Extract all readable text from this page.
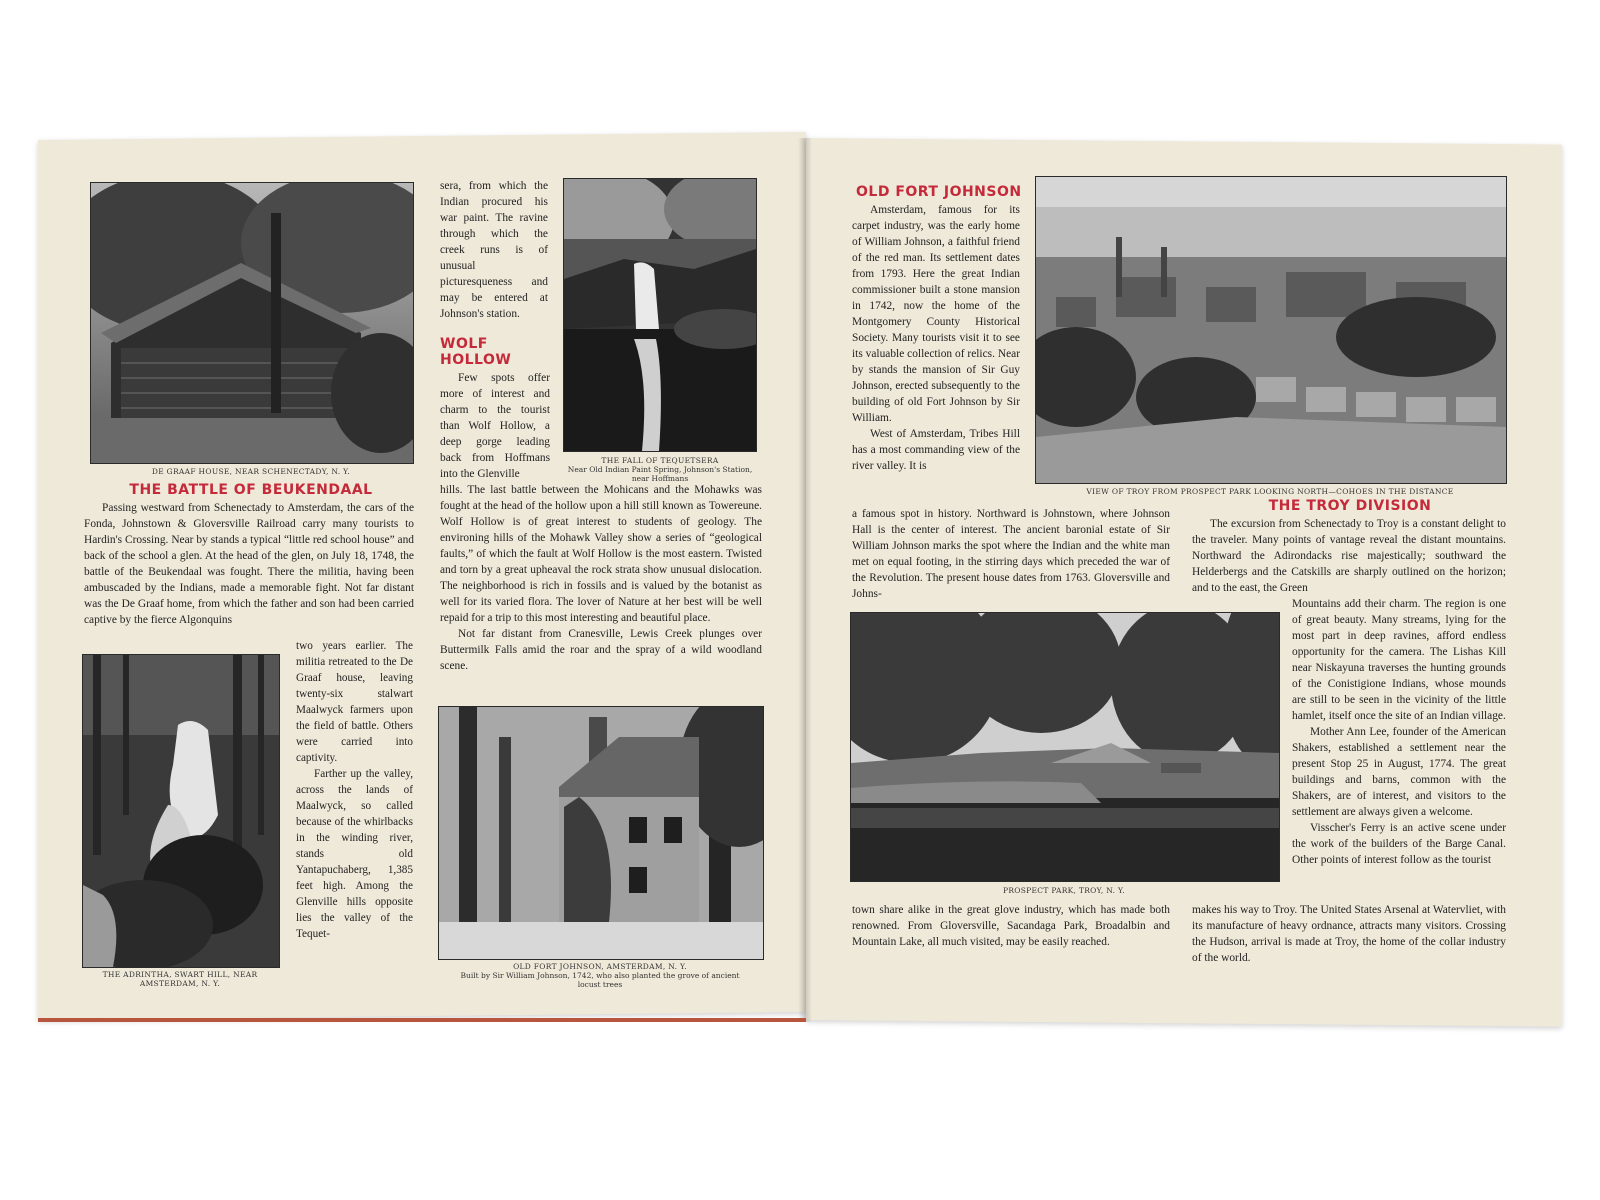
DE GRAAF HOUSE, NEAR SCHENECTADY, N. Y.
THE BATTLE OF BEUKENDAAL

Passing westward from Schenectady to Amsterdam, the cars of the Fonda, Johnstown & Gloversville Railroad carry many tourists to Hardin's Crossing. Near by stands a typical “little red school house” and back of the school a glen. At the head of the glen, on July 18, 1748, the battle of the Beukendaal was fought. There the militia, having been ambuscaded by the Indians, made a memorable fight. Not far distant was the De Graaf home, from which the father and son had been carried captive by the fierce Algonquins

THE ADRINTHA, SWART HILL, NEAR
AMSTERDAM, N. Y.

two years earlier. The militia retreated to the De Graaf house, leaving twenty-six stalwart Maalwyck farmers upon the field of battle. Others were carried into captivity.

Farther up the valley, across the lands of Maalwyck, so called because of the whirlbacks in the winding river, stands old Yantapuchaberg, 1,385 feet high. Among the Glenville hills opposite lies the valley of the Tequet-

sera, from which the Indian procured his war paint. The ravine through which the creek runs is of unusual picturesqueness and may be entered at Johnson's station.

THE FALL OF TEQUETSERA
Near Old Indian Paint Spring, Johnson's Station,
near Hoffmans
WOLF
HOLLOW

Few spots offer more of interest and charm to the tourist than Wolf Hollow, a deep gorge leading back from Hoffmans into the Glenville

hills. The last battle between the Mohicans and the Mohawks was fought at the head of the hollow upon a hill still known as Towereune. Wolf Hollow is of great interest to students of geology. The environing hills of the Mohawk Valley show a series of “geological faults,” of which the fault at Wolf Hollow is the most eastern. Twisted and torn by a great upheaval the rock strata show unusual dislocation. The neighborhood is rich in fossils and is valued by the botanist as well for its varied flora. The lover of Nature at her best will be well repaid for a trip to this most interesting and beautiful place.

Not far distant from Cranesville, Lewis Creek plunges over Buttermilk Falls amid the roar and the spray of a wild woodland scene.

OLD FORT JOHNSON, AMSTERDAM, N. Y.
Built by Sir William Johnson, 1742, who also planted the grove of ancient
locust trees
OLD FORT JOHNSON

Amsterdam, famous for its carpet industry, was the early home of William Johnson, a faithful friend of the red man. Its settlement dates from 1793. Here the great Indian commissioner built a stone mansion in 1742, now the home of the Montgomery County Historical Society. Many tourists visit it to see its valuable collection of relics. Near by stands the mansion of Sir Guy Johnson, erected subsequently to the building of old Fort Johnson by Sir William.

West of Amsterdam, Tribes Hill has a most commanding view of the river valley. It is

a famous spot in history. Northward is Johnstown, where Johnson Hall is the center of interest. The ancient baronial estate of Sir William Johnson marks the spot where the Indian and the white man met on equal footing, in the stirring days which preceded the war of the Revolution. The present house dates from 1763. Gloversville and Johns-

VIEW OF TROY FROM PROSPECT PARK LOOKING NORTH—COHOES IN THE DISTANCE
THE TROY DIVISION

The excursion from Schenectady to Troy is a constant delight to the traveler. Many points of vantage reveal the distant mountains. Northward the Adirondacks rise majestically; southward the Helderbergs and the Catskills are sharply outlined on the horizon; and to the east, the Green

Mountains add their charm. The region is one of great beauty. Many streams, lying for the most part in deep ravines, afford endless opportunity for the camera. The Lishas Kill near Niskayuna traverses the hunting grounds of the Conistigione Indians, whose mounds are still to be seen in the vicinity of the little hamlet, itself once the site of an Indian village.

Mother Ann Lee, founder of the American Shakers, established a settlement near the present Stop 25 in August, 1774. The great buildings and barns, common with the Shakers, are of interest, and visitors to the settlement are always given a welcome.

Visscher's Ferry is an active scene under the work of the builders of the Barge Canal. Other points of interest follow as the tourist

PROSPECT PARK, TROY, N. Y.

town share alike in the great glove industry, which has made both renowned. From Gloversville, Sacandaga Park, Broadalbin and Mountain Lake, all much visited, may be easily reached.

makes his way to Troy. The United States Arsenal at Watervliet, with its manufacture of heavy ordnance, attracts many visitors. Crossing the Hudson, arrival is made at Troy, the home of the collar industry of the world.
